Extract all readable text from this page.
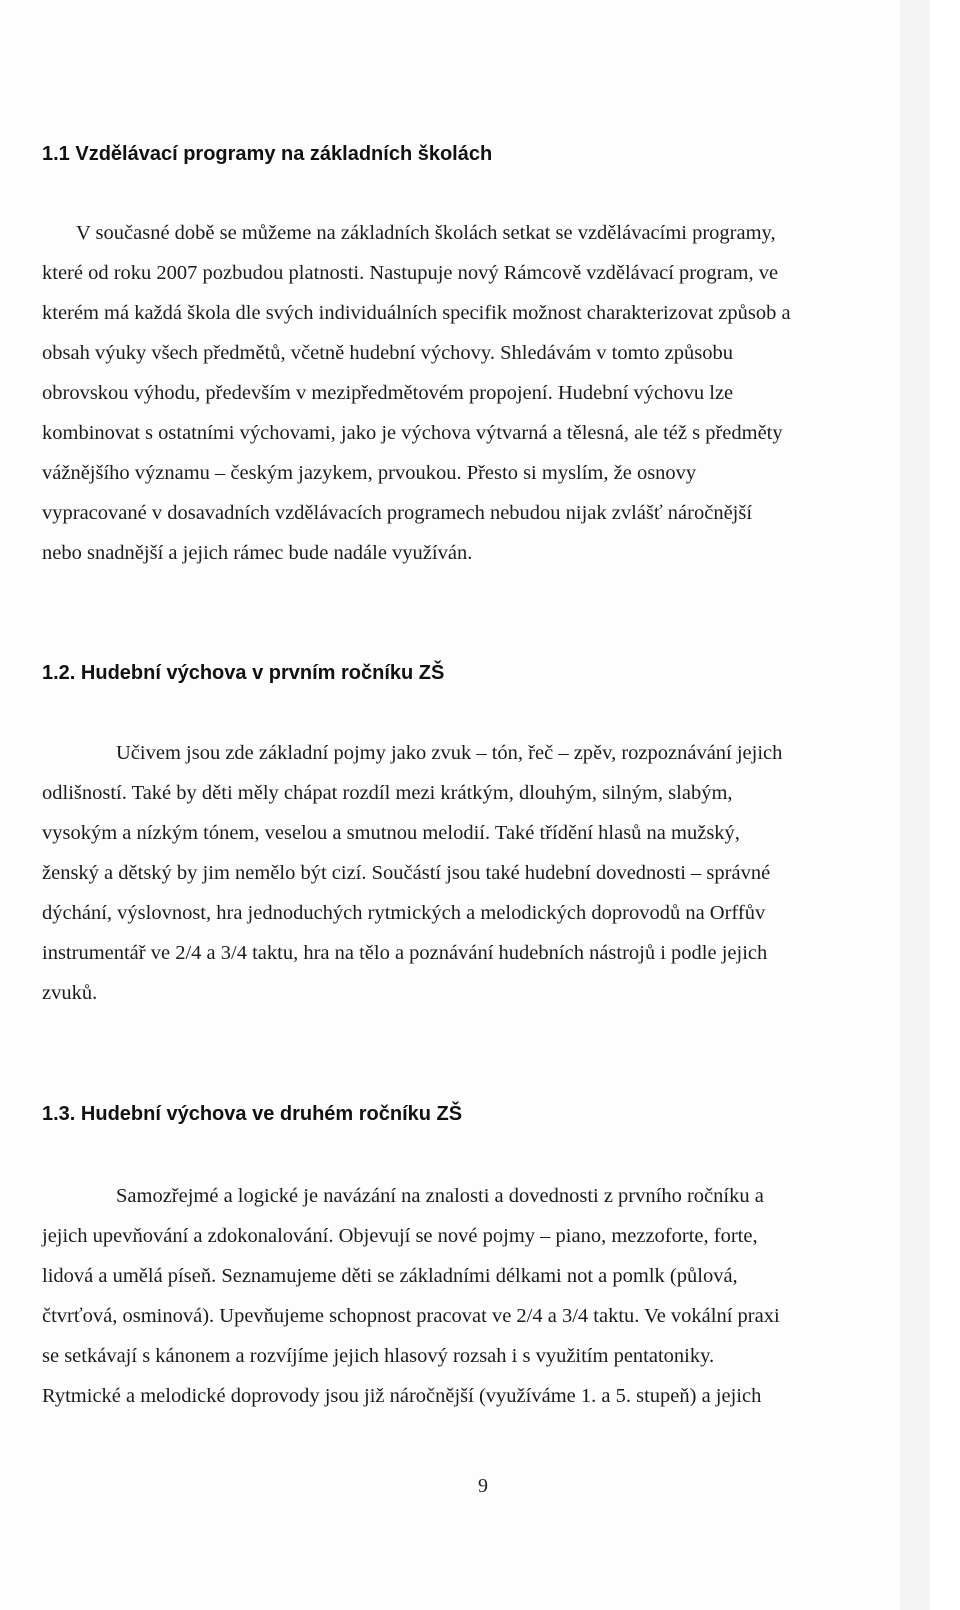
1.1 Vzdělávací programy na základních školách
V současné době se můžeme na základních školách setkat se vzdělávacími programy,
které od roku 2007 pozbudou platnosti. Nastupuje nový Rámcově vzdělávací program, ve
kterém má každá škola dle svých individuálních specifik možnost charakterizovat způsob a
obsah výuky všech předmětů, včetně hudební výchovy. Shledávám v tomto způsobu
obrovskou výhodu, především v mezipředmětovém propojení. Hudební výchovu lze
kombinovat s ostatními výchovami, jako je výchova výtvarná a tělesná, ale též s předměty
vážnějšího významu – českým jazykem, prvoukou. Přesto si myslím, že osnovy
vypracované v dosavadních vzdělávacích programech nebudou nijak zvlášť náročnější
nebo snadnější a jejich rámec bude nadále využíván.
1.2. Hudební výchova v prvním ročníku ZŠ
Učivem jsou zde základní pojmy jako zvuk – tón, řeč – zpěv, rozpoznávání jejich
odlišností. Také by děti měly chápat rozdíl mezi krátkým, dlouhým, silným, slabým,
vysokým a nízkým tónem, veselou a smutnou melodií. Také třídění hlasů na mužský,
ženský a dětský by jim nemělo být cizí. Součástí jsou také hudební dovednosti – správné
dýchání, výslovnost, hra jednoduchých rytmických a melodických doprovodů na Orffův
instrumentář ve 2/4 a 3/4 taktu, hra na tělo a poznávání hudebních nástrojů i podle jejich
zvuků.
1.3. Hudební výchova ve druhém ročníku ZŠ
Samozřejmé a logické je navázání na znalosti a dovednosti z prvního ročníku a
jejich upevňování a zdokonalování. Objevují se nové pojmy – piano, mezzoforte, forte,
lidová a umělá píseň. Seznamujeme děti se základními délkami not a pomlk (půlová,
čtvrťová, osminová). Upevňujeme schopnost pracovat ve 2/4 a 3/4 taktu. Ve vokální praxi
se setkávají s kánonem a rozvíjíme jejich hlasový rozsah i s využitím pentatoniky.
Rytmické a melodické doprovody jsou již náročnější (využíváme 1. a 5. stupeň) a jejich
9
